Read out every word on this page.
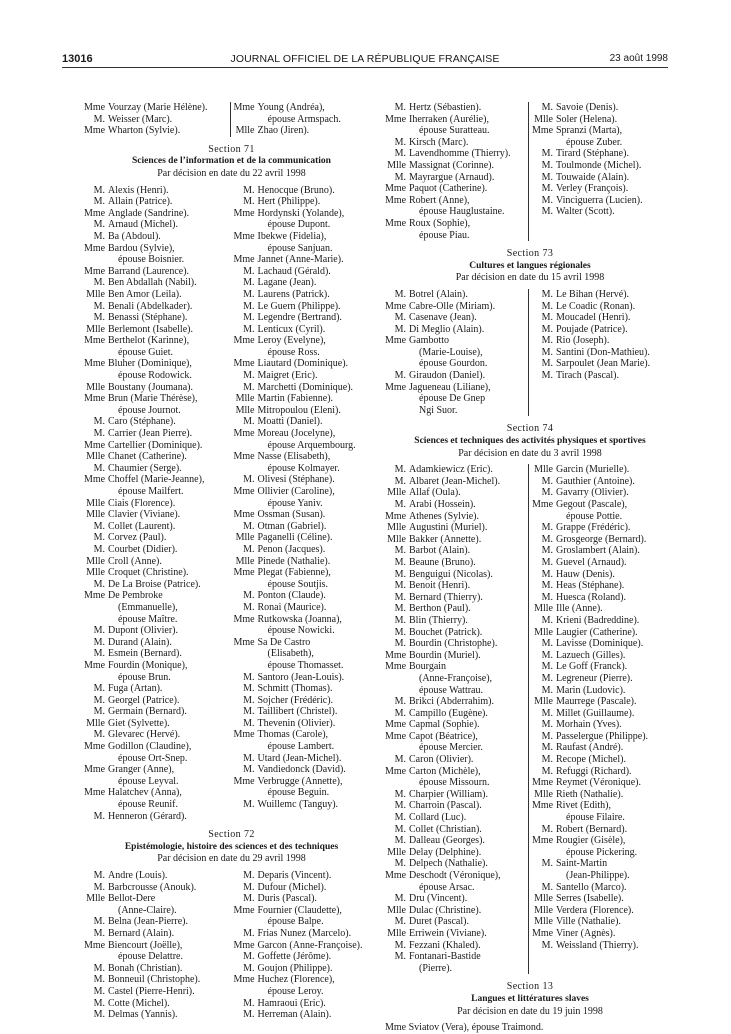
13016	JOURNAL OFFICIEL DE LA RÉPUBLIQUE FRANÇAISE	23 août 1998
Mme Vourzay (Marie Hélène).
M. Weisser (Marc).
Mme Wharton (Sylvie).
Mme Young (Andréa),
épouse Armspach.
Mlle Zhao (Jiren).
Section 71
Sciences de l’information et de la communication
Par décision en date du 22 avril 1998
M. Alexis (Henri).
M. Allain (Patrice).
Mme Anglade (Sandrine).
M. Arnaud (Michel).
M. Ba (Abdoul).
Mme Bardou (Sylvie),
épouse Boisnier.
Mme Barrand (Laurence).
M. Ben Abdallah (Nabil).
Mlle Ben Amor (Leila).
M. Benali (Abdelkader).
M. Benassi (Stéphane).
Mlle Berlemont (Isabelle).
Mme Berthelot (Karinne),
épouse Guiet.
Mme Bluher (Dominique),
épouse Rodowick.
Mlle Boustany (Joumana).
Mme Brun (Marie Thérèse),
épouse Journot.
M. Caro (Stéphane).
M. Carrier (Jean Pierre).
Mme Cartellier (Dominique).
Mlle Chanet (Catherine).
M. Chaumier (Serge).
Mme Choffel (Marie-Jeanne),
épouse Mailfert.
Mlle Ciais (Florence).
Mlle Clavier (Viviane).
M. Collet (Laurent).
M. Corvez (Paul).
M. Courbet (Didier).
Mlle Croll (Anne).
Mlle Croquet (Christine).
M. De La Broise (Patrice).
Mme De Pembroke
(Emmanuelle),
épouse Maître.
M. Dupont (Olivier).
M. Durand (Alain).
M. Esmein (Bernard).
Mme Fourdin (Monique),
épouse Brun.
M. Fuga (Artan).
M. Georgel (Patrice).
M. Germain (Bernard).
Mlle Giet (Sylvette).
M. Glevarec (Hervé).
Mme Godillon (Claudine),
épouse Ort-Snep.
Mme Granger (Anne),
épouse Leyval.
Mme Halatchev (Anna),
épouse Reunif.
M. Henneron (Gérard).
M. Henocque (Bruno).
M. Hert (Philippe).
Mme Hordynski (Yolande),
épouse Dupont.
Mme Ibekwe (Fidelia),
épouse Sanjuan.
Mme Jannet (Anne-Marie).
M. Lachaud (Gérald).
M. Lagane (Jean).
M. Laurens (Patrick).
M. Le Guern (Philippe).
M. Legendre (Bertrand).
M. Lenticux (Cyril).
Mme Leroy (Evelyne),
épouse Ross.
Mme Liautard (Dominique).
M. Maigret (Eric).
M. Marchetti (Dominique).
Mlle Martin (Fabienne).
Mlle Mitropoulou (Eleni).
M. Moatti (Daniel).
Mme Moreau (Jocelyne),
épouse Arquembourg.
Mme Nasse (Elisabeth),
épouse Kolmayer.
M. Olivesi (Stéphane).
Mme Ollivier (Caroline),
épouse Yaniv.
Mme Ossman (Susan).
M. Otman (Gabriel).
Mlle Paganelli (Céline).
M. Penon (Jacques).
Mlle Pinede (Nathalie).
Mme Plegat (Fabienne),
épouse Soutjis.
M. Ponton (Claude).
M. Ronai (Maurice).
Mme Rutkowska (Joanna),
épouse Nowicki.
Mme Sa De Castro
(Elisabeth),
épouse Thomasset.
M. Santoro (Jean-Louis).
M. Schmitt (Thomas).
M. Sojcher (Frédéric).
M. Taillibert (Christel).
M. Thevenin (Olivier).
Mme Thomas (Carole),
épouse Lambert.
M. Utard (Jean-Michel).
M. Vandiedonck (David).
Mme Verbrugge (Annette),
épouse Beguin.
M. Wuillemc (Tanguy).
Section 72
Epistémologie, histoire des sciences et des techniques
Par décision en date du 29 avril 1998
M. Andre (Louis).
M. Barbcrousse (Anouk).
Mlle Bellot-Dere
(Anne-Claire).
M. Belna (Jean-Pierre).
M. Bernard (Alain).
Mme Biencourt (Joëlle),
épouse Delattre.
M. Bonah (Christian).
M. Bonneuil (Christophe).
M. Castel (Pierre-Henri).
M. Cotte (Michel).
M. Delmas (Yannis).
M. Deparis (Vincent).
M. Dufour (Michel).
M. Duris (Pascal).
Mme Fournier (Claudette),
épouse Balpe.
M. Frias Nunez (Marcelo).
Mme Garcon (Anne-Françoise).
M. Goffette (Jérôme).
M. Goujon (Philippe).
Mme Huchez (Florence),
épouse Leroy.
M. Hamraoui (Eric).
M. Herreman (Alain).
M. Hertz (Sébastien).
Mme Iherraken (Aurélie),
épouse Suratteau.
M. Kirsch (Marc).
M. Lavendhomme (Thierry).
Mlle Massignat (Corinne).
M. Mayrargue (Arnaud).
Mme Paquot (Catherine).
Mme Robert (Anne),
épouse Hauglustaine.
Mme Roux (Sophie),
épouse Piau.
M. Savoie (Denis).
Mlle Soler (Helena).
Mme Spranzi (Marta),
épouse Zuber.
M. Tirard (Stéphane).
M. Toulmonde (Michel).
M. Touwaide (Alain).
M. Verley (François).
M. Vinciguerra (Lucien).
M. Walter (Scott).
Section 73
Cultures et langues régionales
Par décision en date du 15 avril 1998
M. Botrel (Alain).
Mme Cabre-Olle (Miriam).
M. Casenave (Jean).
M. Di Meglio (Alain).
Mme Gambotto
(Marie-Louise),
épouse Gourdon.
M. Giraudon (Daniel).
Mme Jagueneau (Liliane),
épouse De Gnep
Ngi Suor.
M. Le Bihan (Hervé).
M. Le Coadic (Ronan).
M. Moucadel (Henri).
M. Poujade (Patrice).
M. Rio (Joseph).
M. Santini (Don-Mathieu).
M. Sarpoulet (Jean Marie).
M. Tirach (Pascal).
Section 74
Sciences et techniques des activités physiques et sportives
Par décision en date du 3 avril 1998
M. Adamkiewicz (Eric).
M. Albaret (Jean-Michel).
Mlle Allaf (Oula).
M. Arabi (Hossein).
Mme Athenes (Sylvie).
Mlle Augustini (Muriel).
Mlle Bakker (Annette).
M. Barbot (Alain).
M. Beaune (Bruno).
M. Benguigui (Nicolas).
M. Benoit (Henri).
M. Bernard (Thierry).
M. Berthon (Paul).
M. Blin (Thierry).
M. Bouchet (Patrick).
M. Bourdin (Christophe).
Mme Bourdin (Muriel).
Mme Bourgain
(Anne-Françoise),
épouse Wattrau.
M. Brikci (Abderrahim).
M. Campillo (Eugène).
Mme Capmal (Sophie).
Mme Capot (Béatrice),
épouse Mercier.
M. Caron (Olivier).
Mme Carton (Michèle),
épouse Missourn.
M. Charpier (William).
M. Charroin (Pascal).
M. Collard (Luc).
M. Collet (Christian).
M. Dalleau (Georges).
Mlle Delay (Delphine).
M. Delpech (Nathalie).
Mme Deschodt (Véronique),
épouse Arsac.
M. Dru (Vincent).
Mlle Dulac (Christine).
M. Duret (Pascal).
Mlle Erriwein (Viviane).
M. Fezzani (Khaled).
M. Fontanari-Bastide
(Pierre).
Mlle Garcin (Murielle).
M. Gauthier (Antoine).
M. Gavarry (Olivier).
Mme Gegout (Pascale),
épouse Pottie.
M. Grappe (Frédéric).
M. Grosgeorge (Bernard).
M. Groslambert (Alain).
M. Guevel (Arnaud).
M. Hauw (Denis).
M. Heas (Stéphane).
M. Huesca (Roland).
Mlle Ille (Anne).
M. Krieni (Badreddine).
Mlle Laugier (Catherine).
M. Lavisse (Dominique).
M. Lazuech (Gilles).
M. Le Goff (Franck).
M. Legreneur (Pierre).
M. Marin (Ludovic).
Mlle Maurrege (Pascale).
M. Millet (Guillaume).
M. Morhain (Yves).
M. Passelergue (Philippe).
M. Raufast (André).
M. Recope (Michel).
M. Refuggi (Richard).
Mme Reymet (Véronique).
Mlle Rieth (Nathalie).
Mme Rivet (Edith),
épouse Filaire.
M. Robert (Bernard).
Mme Rougier (Gisèle),
épouse Pickering.
M. Saint-Martin
(Jean-Philippe).
M. Santello (Marco).
Mlle Serres (Isabelle).
Mlle Verdera (Florence).
Mlle Ville (Nathalie).
Mme Viner (Agnès).
M. Weissland (Thierry).
Section 13
Langues et littératures slaves
Par décision en date du 19 juin 1998
Mme Sviatov (Vera), épouse Traimond.
